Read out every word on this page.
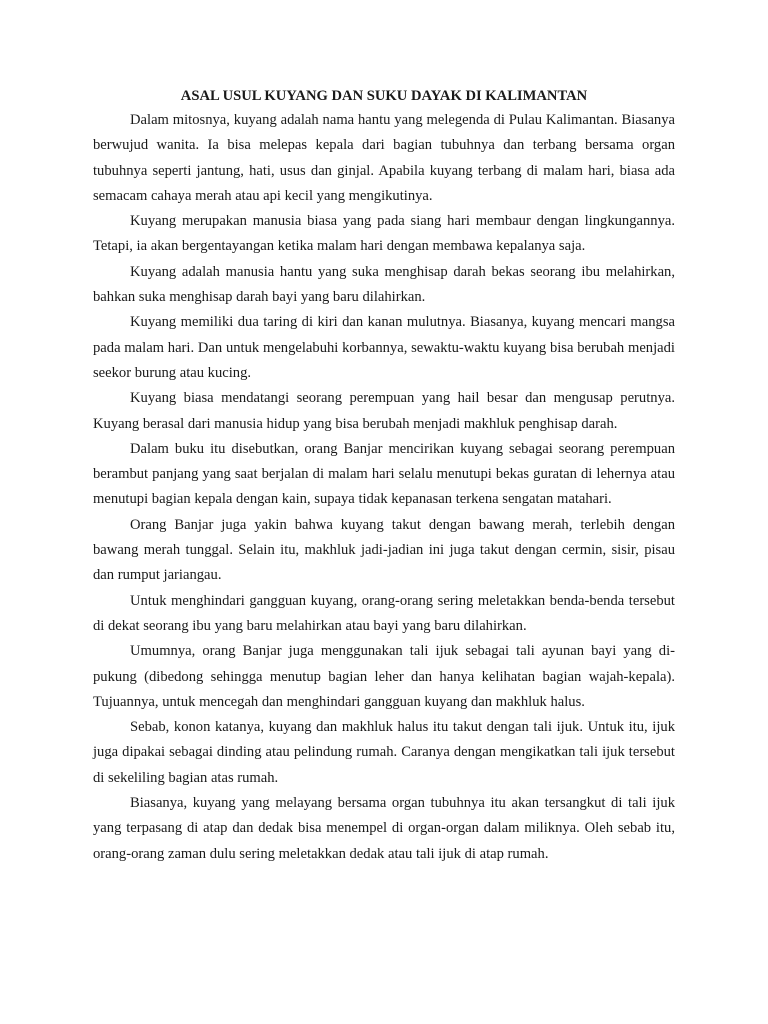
ASAL USUL KUYANG DAN SUKU DAYAK DI KALIMANTAN

Dalam mitosnya, kuyang adalah nama hantu yang melegenda di Pulau Kalimantan. Biasanya berwujud wanita. Ia bisa melepas kepala dari bagian tubuhnya dan terbang bersama organ tubuhnya seperti jantung, hati, usus dan ginjal. Apabila kuyang terbang di malam hari, biasa ada semacam cahaya merah atau api kecil yang mengikutinya.

Kuyang merupakan manusia biasa yang pada siang hari membaur dengan lingkungannya. Tetapi, ia akan bergentayangan ketika malam hari dengan membawa kepalanya saja.

Kuyang adalah manusia hantu yang suka menghisap darah bekas seorang ibu melahirkan, bahkan suka menghisap darah bayi yang baru dilahirkan.

Kuyang memiliki dua taring di kiri dan kanan mulutnya. Biasanya, kuyang mencari mangsa pada malam hari. Dan untuk mengelabuhi korbannya, sewaktu-waktu kuyang bisa berubah menjadi seekor burung atau kucing.

Kuyang biasa mendatangi seorang perempuan yang hail besar dan mengusap perutnya. Kuyang berasal dari manusia hidup yang bisa berubah menjadi makhluk penghisap darah.

Dalam buku itu disebutkan, orang Banjar mencirikan kuyang sebagai seorang perempuan berambut panjang yang saat berjalan di malam hari selalu menutupi bekas guratan di lehernya atau menutupi bagian kepala dengan kain, supaya tidak kepanasan terkena sengatan matahari.

Orang Banjar juga yakin bahwa kuyang takut dengan bawang merah, terlebih dengan bawang merah tunggal. Selain itu, makhluk jadi-jadian ini juga takut dengan cermin, sisir, pisau dan rumput jariangau.

Untuk menghindari gangguan kuyang, orang-orang sering meletakkan benda-benda tersebut di dekat seorang ibu yang baru melahirkan atau bayi yang baru dilahirkan.

Umumnya, orang Banjar juga menggunakan tali ijuk sebagai tali ayunan bayi yang di-pukung (dibedong sehingga menutup bagian leher dan hanya kelihatan bagian wajah-kepala). Tujuannya, untuk mencegah dan menghindari gangguan kuyang dan makhluk halus.

Sebab, konon katanya, kuyang dan makhluk halus itu takut dengan tali ijuk. Untuk itu, ijuk juga dipakai sebagai dinding atau pelindung rumah. Caranya dengan mengikatkan tali ijuk tersebut di sekeliling bagian atas rumah.

Biasanya, kuyang yang melayang bersama organ tubuhnya itu akan tersangkut di tali ijuk yang terpasang di atap dan dedak bisa menempel di organ-organ dalam miliknya. Oleh sebab itu, orang-orang zaman dulu sering meletakkan dedak atau tali ijuk di atap rumah.
